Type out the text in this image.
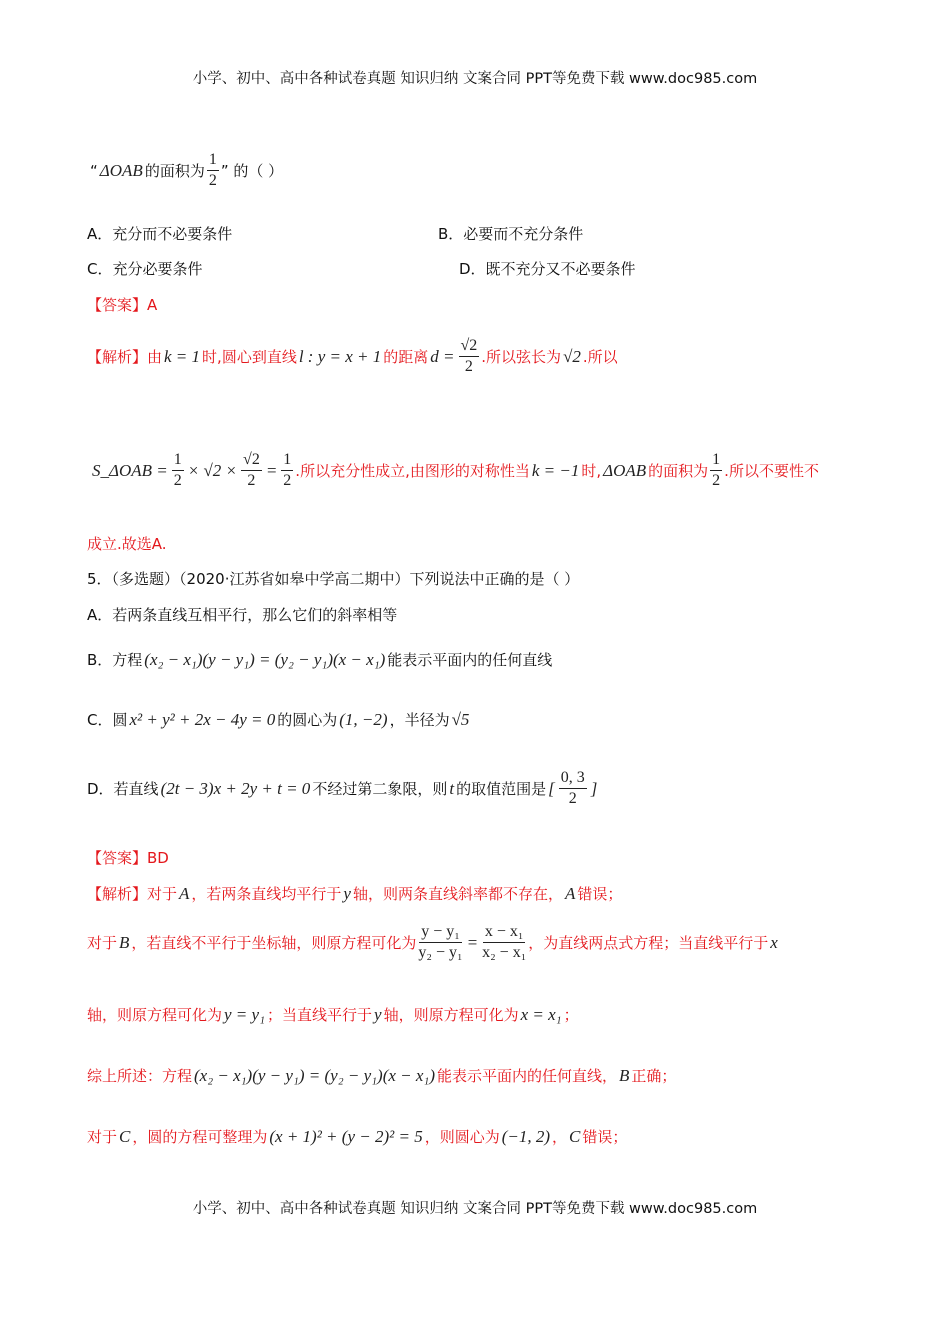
小学、初中、高中各种试卷真题 知识归纳 文案合同 PPT等免费下载 www.doc985.com
“ ΔOAB 的面积为 $\frac{1}{2}$ ” 的（ ）
A．充分而不必要条件	B．必要而不充分条件
C．充分必要条件	D．既不充分又不必要条件
【答案】A
【解析】由 k = 1 时,圆心到直线 l : y = x + 1 的距离 $d = \frac{√2}{2}$ .所以弦长为 √2 .所以
S_ΔOAB = $\frac{1}{2} \times √2 \times \frac{√2}{2} = \frac{1}{2}$ .所以充分性成立,由图形的对称性当 k = −1 时, ΔOAB 的面积为 $\frac{1}{2}$ .所以不要性不
成立.故选A.
5．（多选题）（2020·江苏省如皋中学高二期中）下列说法中正确的是（ ）
A．若两条直线互相平行，那么它们的斜率相等
B．方程 (x₂ − x₁)(y − y₁) = (y₂ − y₁)(x − x₁) 能表示平面内的任何直线
C．圆 x² + y² + 2x − 4y = 0 的圆心为 (1, −2) ，半径为 √5
D．若直线 (2t − 3)x + 2y + t = 0 不经过第二象限，则 t 的取值范围是 [ $\frac{0, 3}{2}$ ]
【答案】BD
【解析】对于 A ，若两条直线均平行于 y 轴，则两条直线斜率都不存在， A 错误；
对于 B ，若直线不平行于坐标轴，则原方程可化为 $\frac{\text{y − y₁}}{\text{y₂ − y₁}} = \frac{\text{x − x₁}}{\text{x₂ − x₁}}$ ，为直线两点式方程；当直线平行于 x
轴，则原方程可化为 y = y₁ ；当直线平行于 y 轴，则原方程可化为 x = x₁ ；
综上所述：方程 (x₂ − x₁)(y − y₁) = (y₂ − y₁)(x − x₁) 能表示平面内的任何直线， B 正确；
对于 C ，圆的方程可整理为 (x + 1)² + (y − 2)² = 5 ，则圆心为 (−1, 2) ， C 错误；
小学、初中、高中各种试卷真题 知识归纳 文案合同 PPT等免费下载 www.doc985.com
